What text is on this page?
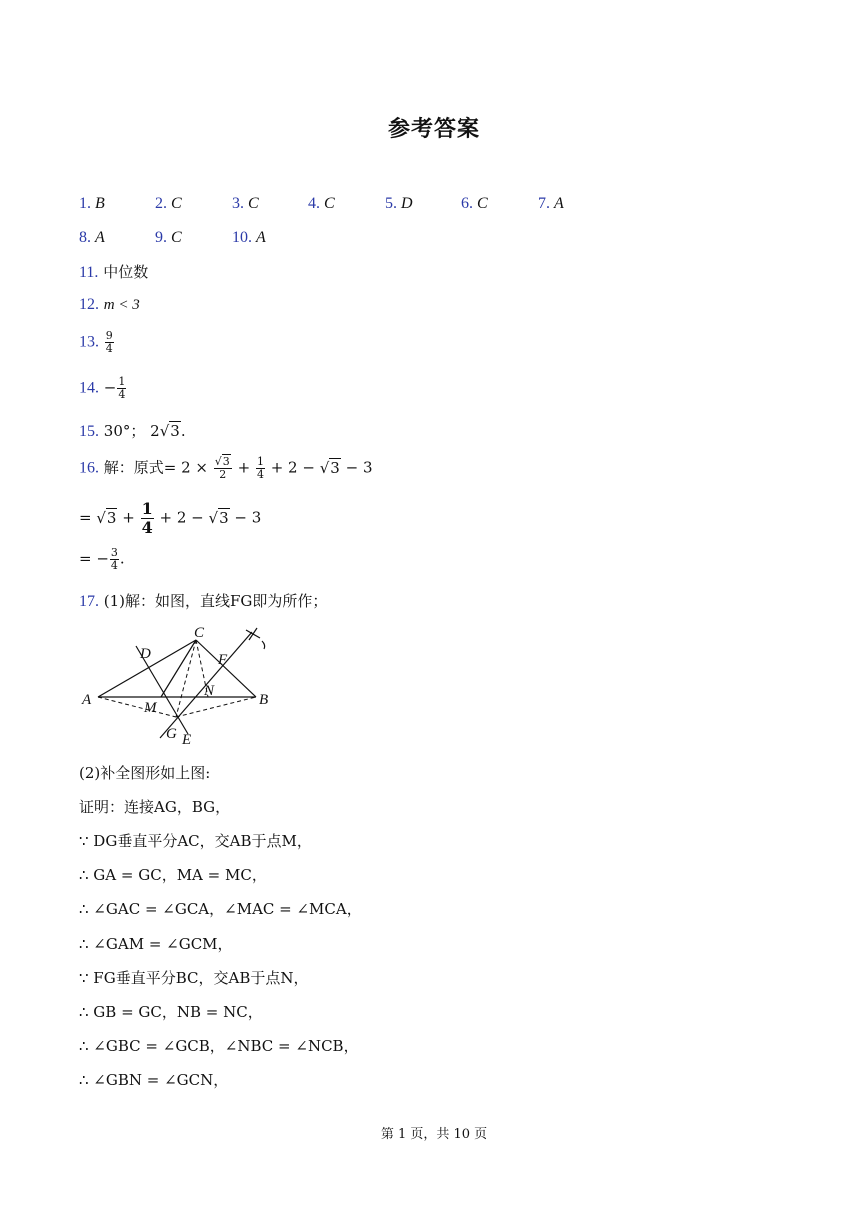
参考答案
1. B	2. C	3. C	4. C	5. D	6. C	7. A
8. A	9. C	10. A
11. 中位数
12. m < 3
13. $\frac{9}{4}$
14. − $\frac{1}{4}$
15. 30°； 2√3.
16. 解：原式= $2 \times \frac{√3}{2} + \frac{1}{4} + 2 - √3 - 3$
= $√3 + \frac{1}{4} + 2 - √3 - 3$
= − $\frac{3}{4}$ .
17. (1)解：如图，直线FG即为所作；
A	B
C
D
E
F
G
M
N
(2)补全图形如上图:
证明：连接AG，BG，
∵ DG垂直平分AC，交AB于点M，
∴ GA = GC，MA = MC，
∴ ∠GAC = ∠GCA，∠MAC = ∠MCA，
∴ ∠GAM = ∠GCM，
∵ FG垂直平分BC，交AB于点N，
∴ GB = GC，NB = NC，
∴ ∠GBC = ∠GCB，∠NBC = ∠NCB，
∴ ∠GBN = ∠GCN，
第 1 页，共 10 页
